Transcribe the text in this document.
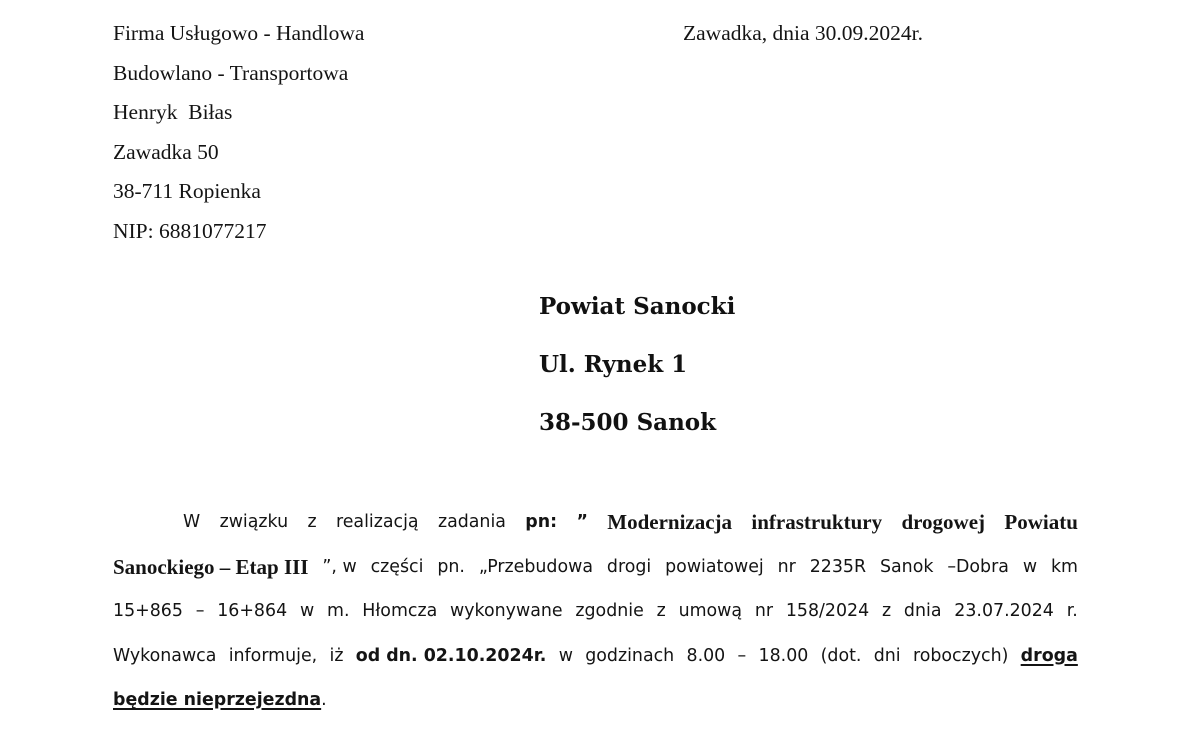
Firma Usługowo - Handlowa
Budowlano - Transportowa
Henryk  Biłas
Zawadka 50
38-711 Ropienka
NIP: 6881077217
Zawadka, dnia 30.09.2024r.
Powiat Sanocki
Ul. Rynek 1
38-500 Sanok
W związku z realizacją zadania pn: ” Modernizacja infrastruktury drogowej Powiatu
Sanockiego – Etap III ”, w części pn. „Przebudowa drogi powiatowej nr 2235R Sanok –Dobra w km
15+865 – 16+864 w m. Hłomcza wykonywane zgodnie z umową nr 158/2024 z dnia 23.07.2024 r.
Wykonawca informuje, iż od dn. 02.10.2024r. w godzinach 8.00 – 18.00 (dot. dni roboczych) droga
będzie nieprzejezdna .
